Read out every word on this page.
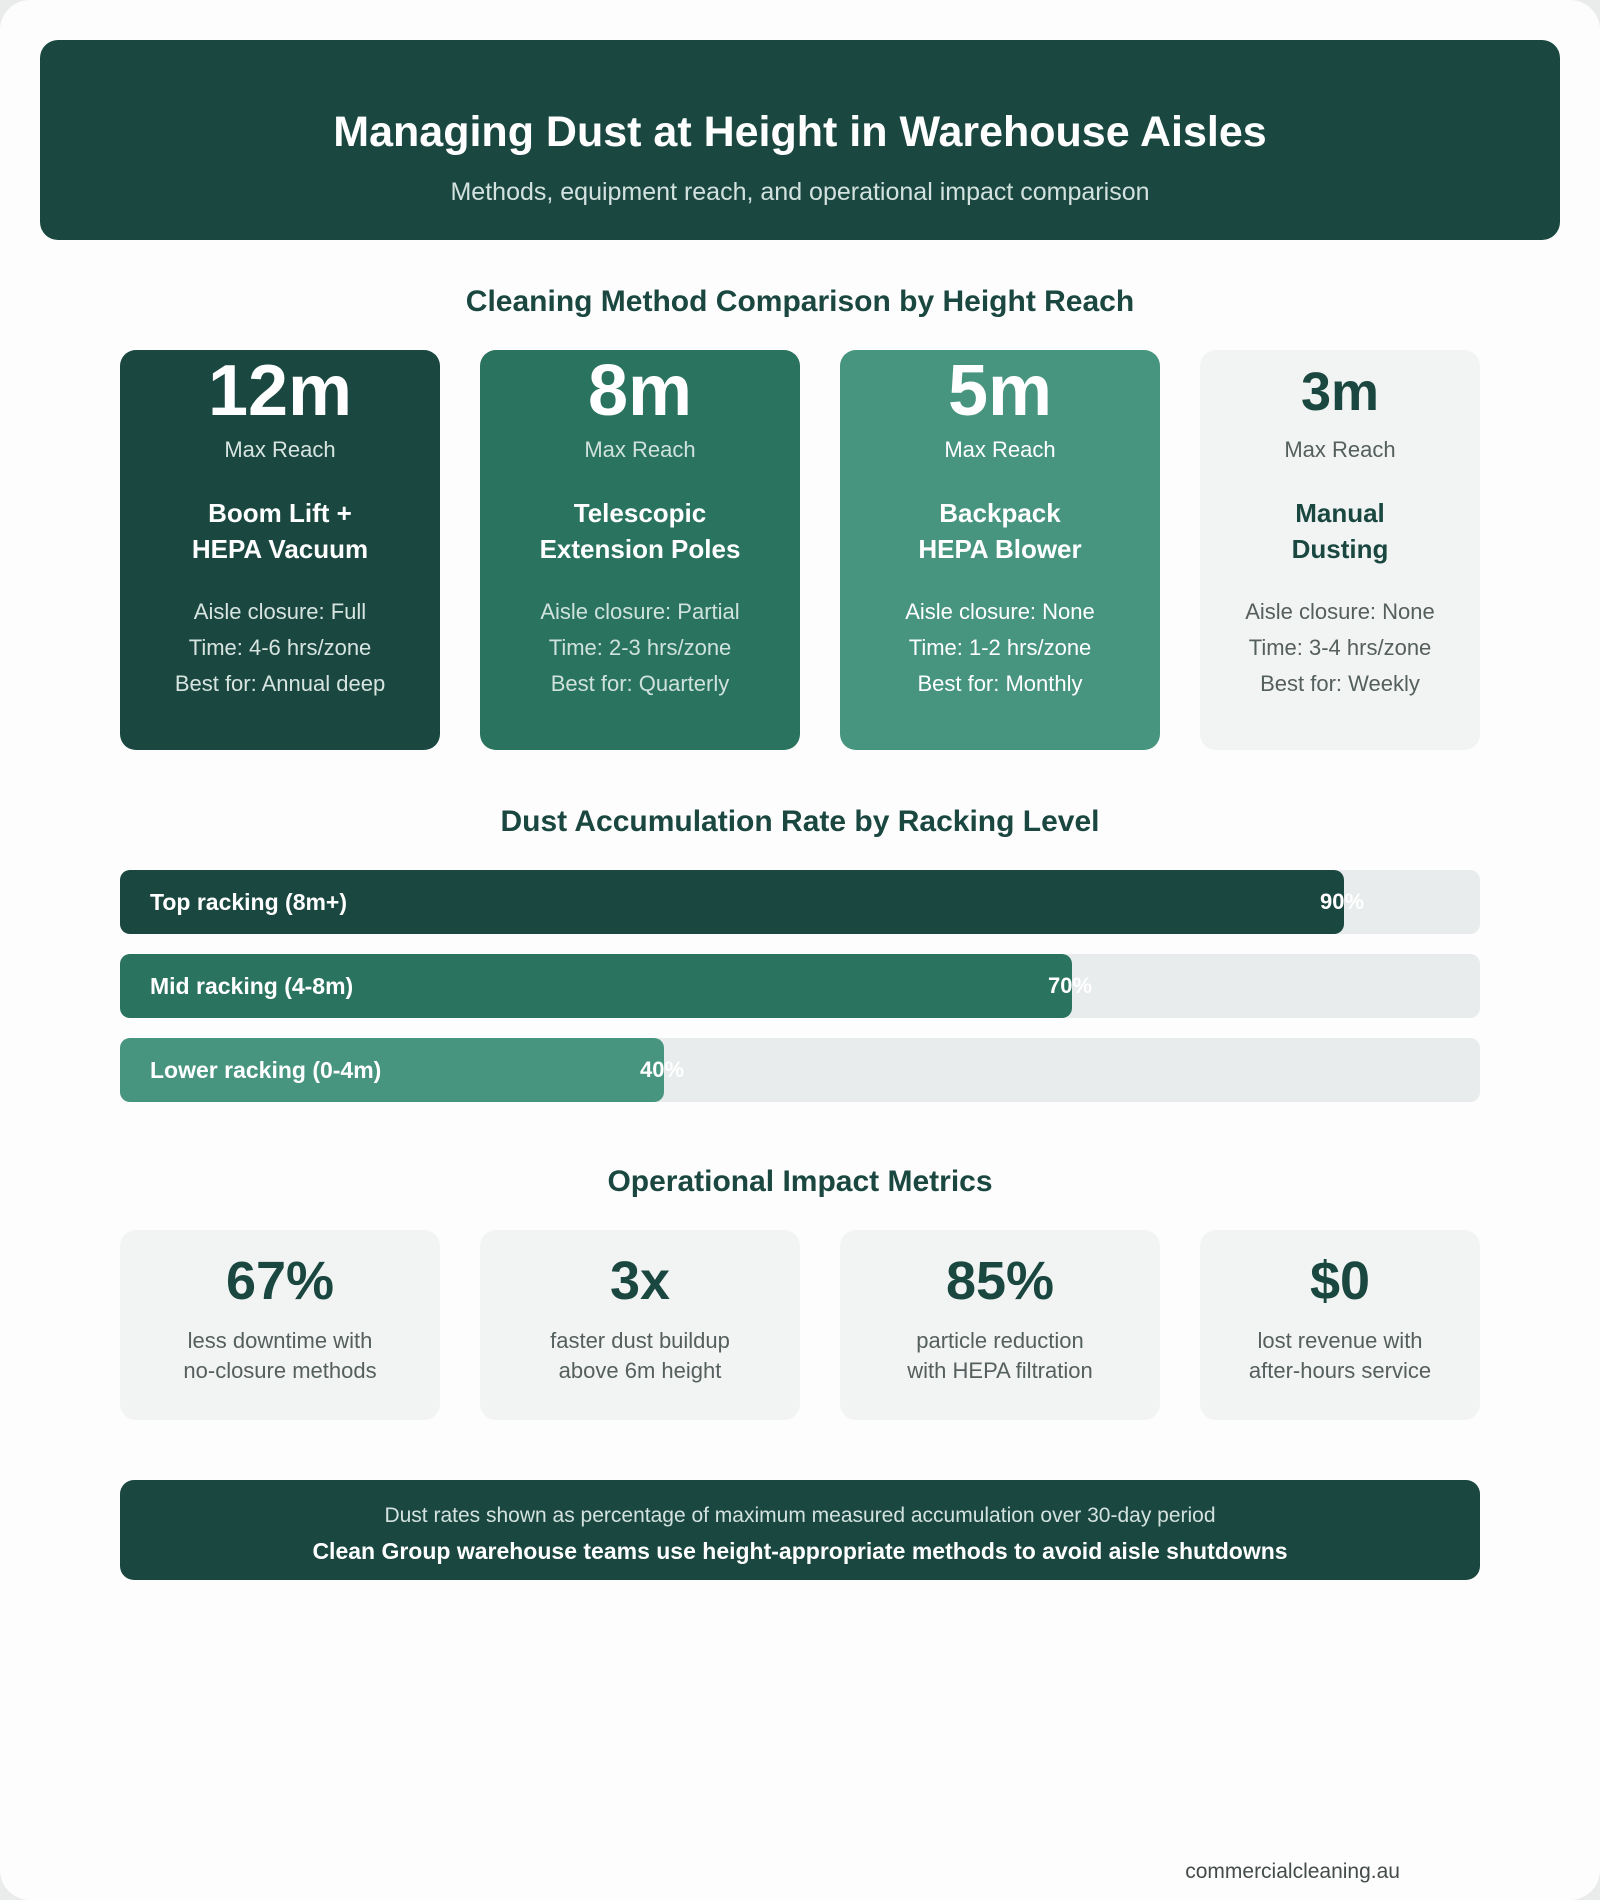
Managing Dust at Height in Warehouse Aisles
Methods, equipment reach, and operational impact comparison
Cleaning Method Comparison by Height Reach
12m
Max Reach
Boom Lift +
HEPA Vacuum
Aisle closure: Full
Time: 4-6 hrs/zone
Best for: Annual deep
8m
Max Reach
Telescopic
Extension Poles
Aisle closure: Partial
Time: 2-3 hrs/zone
Best for: Quarterly
5m
Max Reach
Backpack
HEPA Blower
Aisle closure: None
Time: 1-2 hrs/zone
Best for: Monthly
3m
Max Reach
Manual
Dusting
Aisle closure: None
Time: 3-4 hrs/zone
Best for: Weekly
Dust Accumulation Rate by Racking Level
Top racking (8m+)	90%
Mid racking (4-8m)	70%
Lower racking (0-4m)	40%
Operational Impact Metrics
67%
less downtime with
no-closure methods
3x
faster dust buildup
above 6m height
85%
particle reduction
with HEPA filtration
$0
lost revenue with
after-hours service
Dust rates shown as percentage of maximum measured accumulation over 30-day period
Clean Group warehouse teams use height-appropriate methods to avoid aisle shutdowns
commercialcleaning.au
